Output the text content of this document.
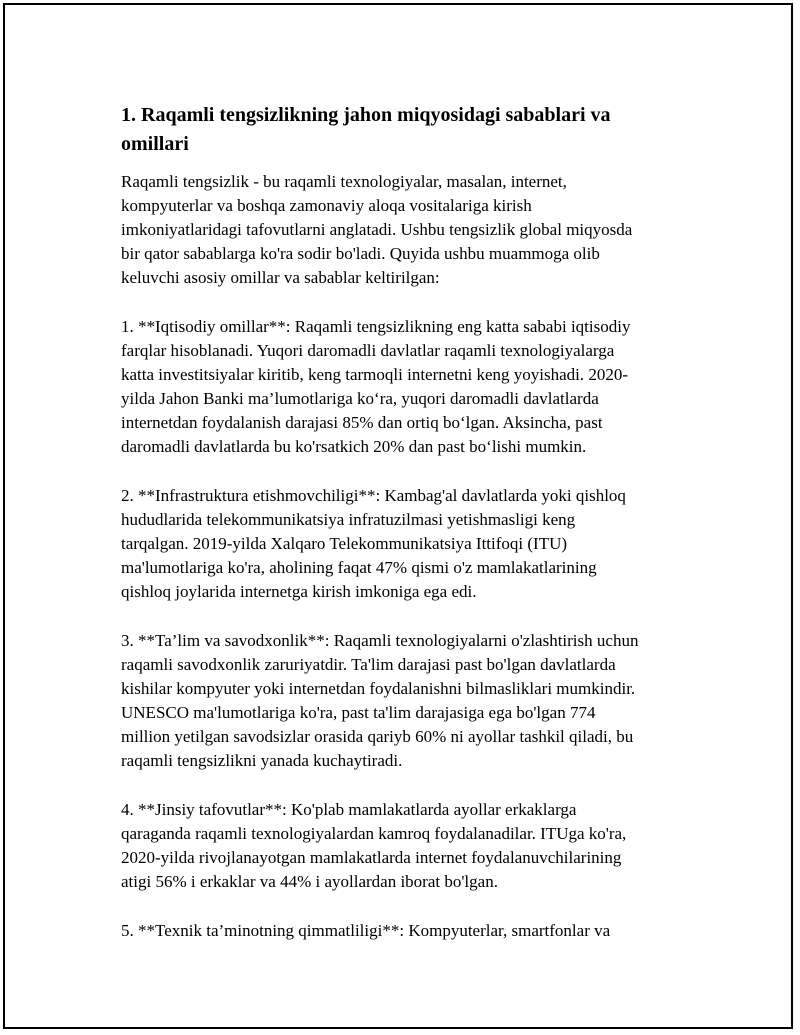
1. Raqamli tengsizlikning jahon miqyosidagi sabablari va omillari

Raqamli tengsizlik - bu raqamli texnologiyalar, masalan, internet,
kompyuterlar va boshqa zamonaviy aloqa vositalariga kirish
imkoniyatlaridagi tafovutlarni anglatadi. Ushbu tengsizlik global miqyosda
bir qator sabablarga ko'ra sodir bo'ladi. Quyida ushbu muammoga olib
keluvchi asosiy omillar va sabablar keltirilgan:

1. **Iqtisodiy omillar**: Raqamli tengsizlikning eng katta sababi iqtisodiy
farqlar hisoblanadi. Yuqori daromadli davlatlar raqamli texnologiyalarga
katta investitsiyalar kiritib, keng tarmoqli internetni keng yoyishadi. 2020-
yilda Jahon Banki ma’lumotlariga ko‘ra, yuqori daromadli davlatlarda
internetdan foydalanish darajasi 85% dan ortiq bo‘lgan. Aksincha, past
daromadli davlatlarda bu ko'rsatkich 20% dan past bo‘lishi mumkin.

2. **Infrastruktura etishmovchiligi**: Kambag'al davlatlarda yoki qishloq
hududlarida telekommunikatsiya infratuzilmasi yetishmasligi keng
tarqalgan. 2019-yilda Xalqaro Telekommunikatsiya Ittifoqi (ITU)
ma'lumotlariga ko'ra, aholining faqat 47% qismi o'z mamlakatlarining
qishloq joylarida internetga kirish imkoniga ega edi.

3. **Ta’lim va savodxonlik**: Raqamli texnologiyalarni o'zlashtirish uchun
raqamli savodxonlik zaruriyatdir. Ta'lim darajasi past bo'lgan davlatlarda
kishilar kompyuter yoki internetdan foydalanishni bilmasliklari mumkindir.
UNESCO ma'lumotlariga ko'ra, past ta'lim darajasiga ega bo'lgan 774
million yetilgan savodsizlar orasida qariyb 60% ni ayollar tashkil qiladi, bu
raqamli tengsizlikni yanada kuchaytiradi.

4. **Jinsiy tafovutlar**: Ko'plab mamlakatlarda ayollar erkaklarga
qaraganda raqamli texnologiyalardan kamroq foydalanadilar. ITUga ko'ra,
2020-yilda rivojlanayotgan mamlakatlarda internet foydalanuvchilarining
atigi 56% i erkaklar va 44% i ayollardan iborat bo'lgan.

5. **Texnik ta’minotning qimmatliligi**: Kompyuterlar, smartfonlar va
